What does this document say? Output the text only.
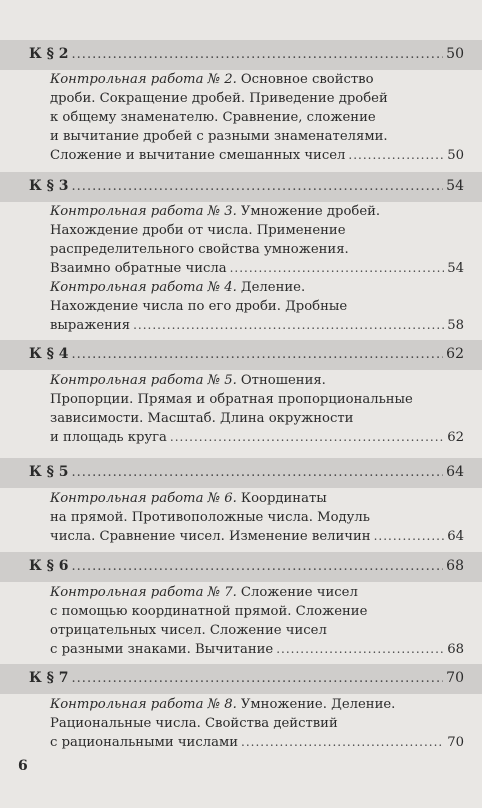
К § 2 .....	50
Контрольная работа № 2. Основное свойство
дроби. Сокращение дробей. Приведение дробей
к общему знаменателю. Сравнение, сложение
и вычитание дробей с разными знаменателями.
Сложение и вычитание смешанных чисел .....	50
К § 3 .....	54
Контрольная работа № 3. Умножение дробей.
Нахождение дроби от числа. Применение
распределительного свойства умножения.
Взаимно обратные числа .....	54
Контрольная работа № 4. Деление.
Нахождение числа по его дроби. Дробные
выражения .....	58
К § 4 .....	62
Контрольная работа № 5. Отношения.
Пропорции. Прямая и обратная пропорциональные
зависимости. Масштаб. Длина окружности
и площадь круга .....	62
К § 5 .....	64
Контрольная работа № 6. Координаты
на прямой. Противоположные числа. Модуль
числа. Сравнение чисел. Изменение величин .....	64
К § 6 .....	68
Контрольная работа № 7. Сложение чисел
с помощью координатной прямой. Сложение
отрицательных чисел. Сложение чисел
с разными знаками. Вычитание .....	68
К § 7 .....	70
Контрольная работа № 8. Умножение. Деление.
Рациональные числа. Свойства действий
с рациональными числами .....	70
6
